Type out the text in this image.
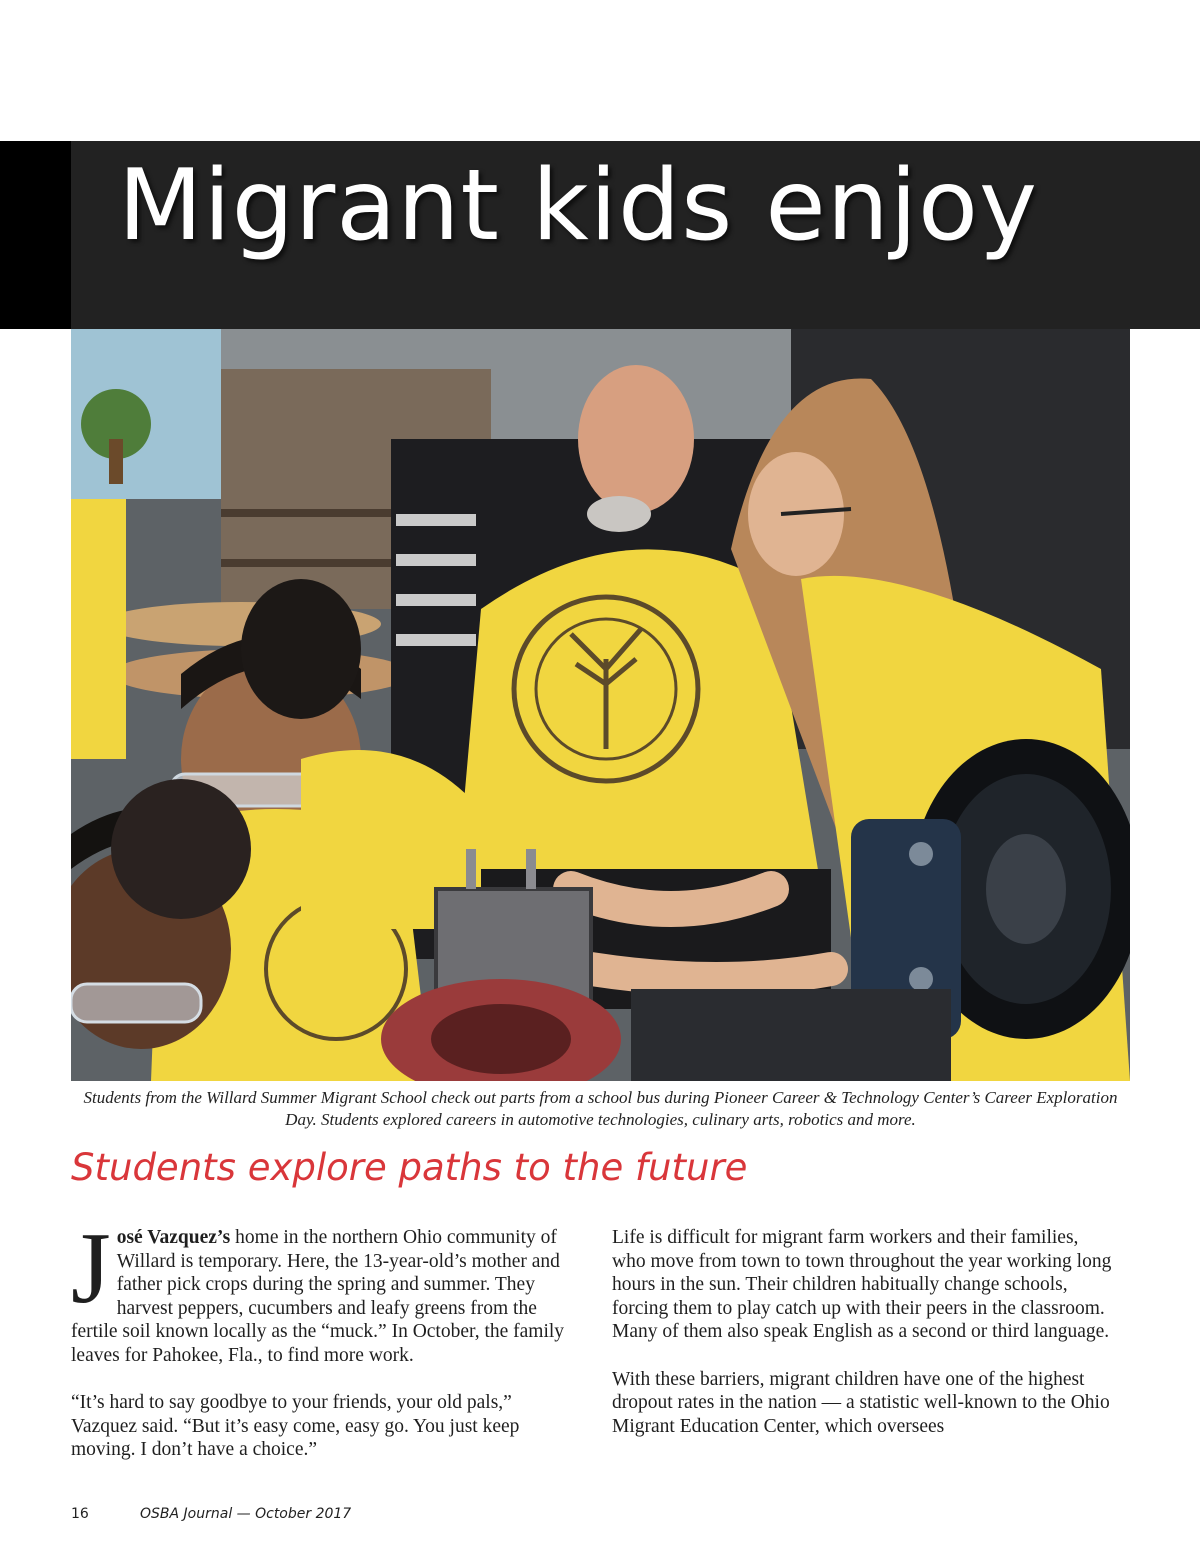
Migrant kids enjoy

Students from the Willard Summer Migrant School check out parts from a school bus during Pioneer Career & Technology Center’s Career Exploration Day. Students explored careers in automotive technologies, culinary arts, robotics and more.

Students explore paths to the future

José Vazquez’s home in the northern Ohio community of Willard is temporary. Here, the 13-year-old’s mother and father pick crops during the spring and summer. They harvest peppers, cucumbers and leafy greens from the fertile soil known locally as the “muck.” In October, the family leaves for Pahokee, Fla., to find more work.

“It’s hard to say goodbye to your friends, your old pals,” Vazquez said. “But it’s easy come, easy go. You just keep moving. I don’t have a choice.”

Life is difficult for migrant farm workers and their families, who move from town to town throughout the year working long hours in the sun. Their children habitually change schools, forcing them to play catch up with their peers in the classroom. Many of them also speak English as a second or third language.

With these barriers, migrant children have one of the highest dropout rates in the nation — a statistic well-known to the Ohio Migrant Education Center, which oversees

16	OSBA Journal — October 2017
